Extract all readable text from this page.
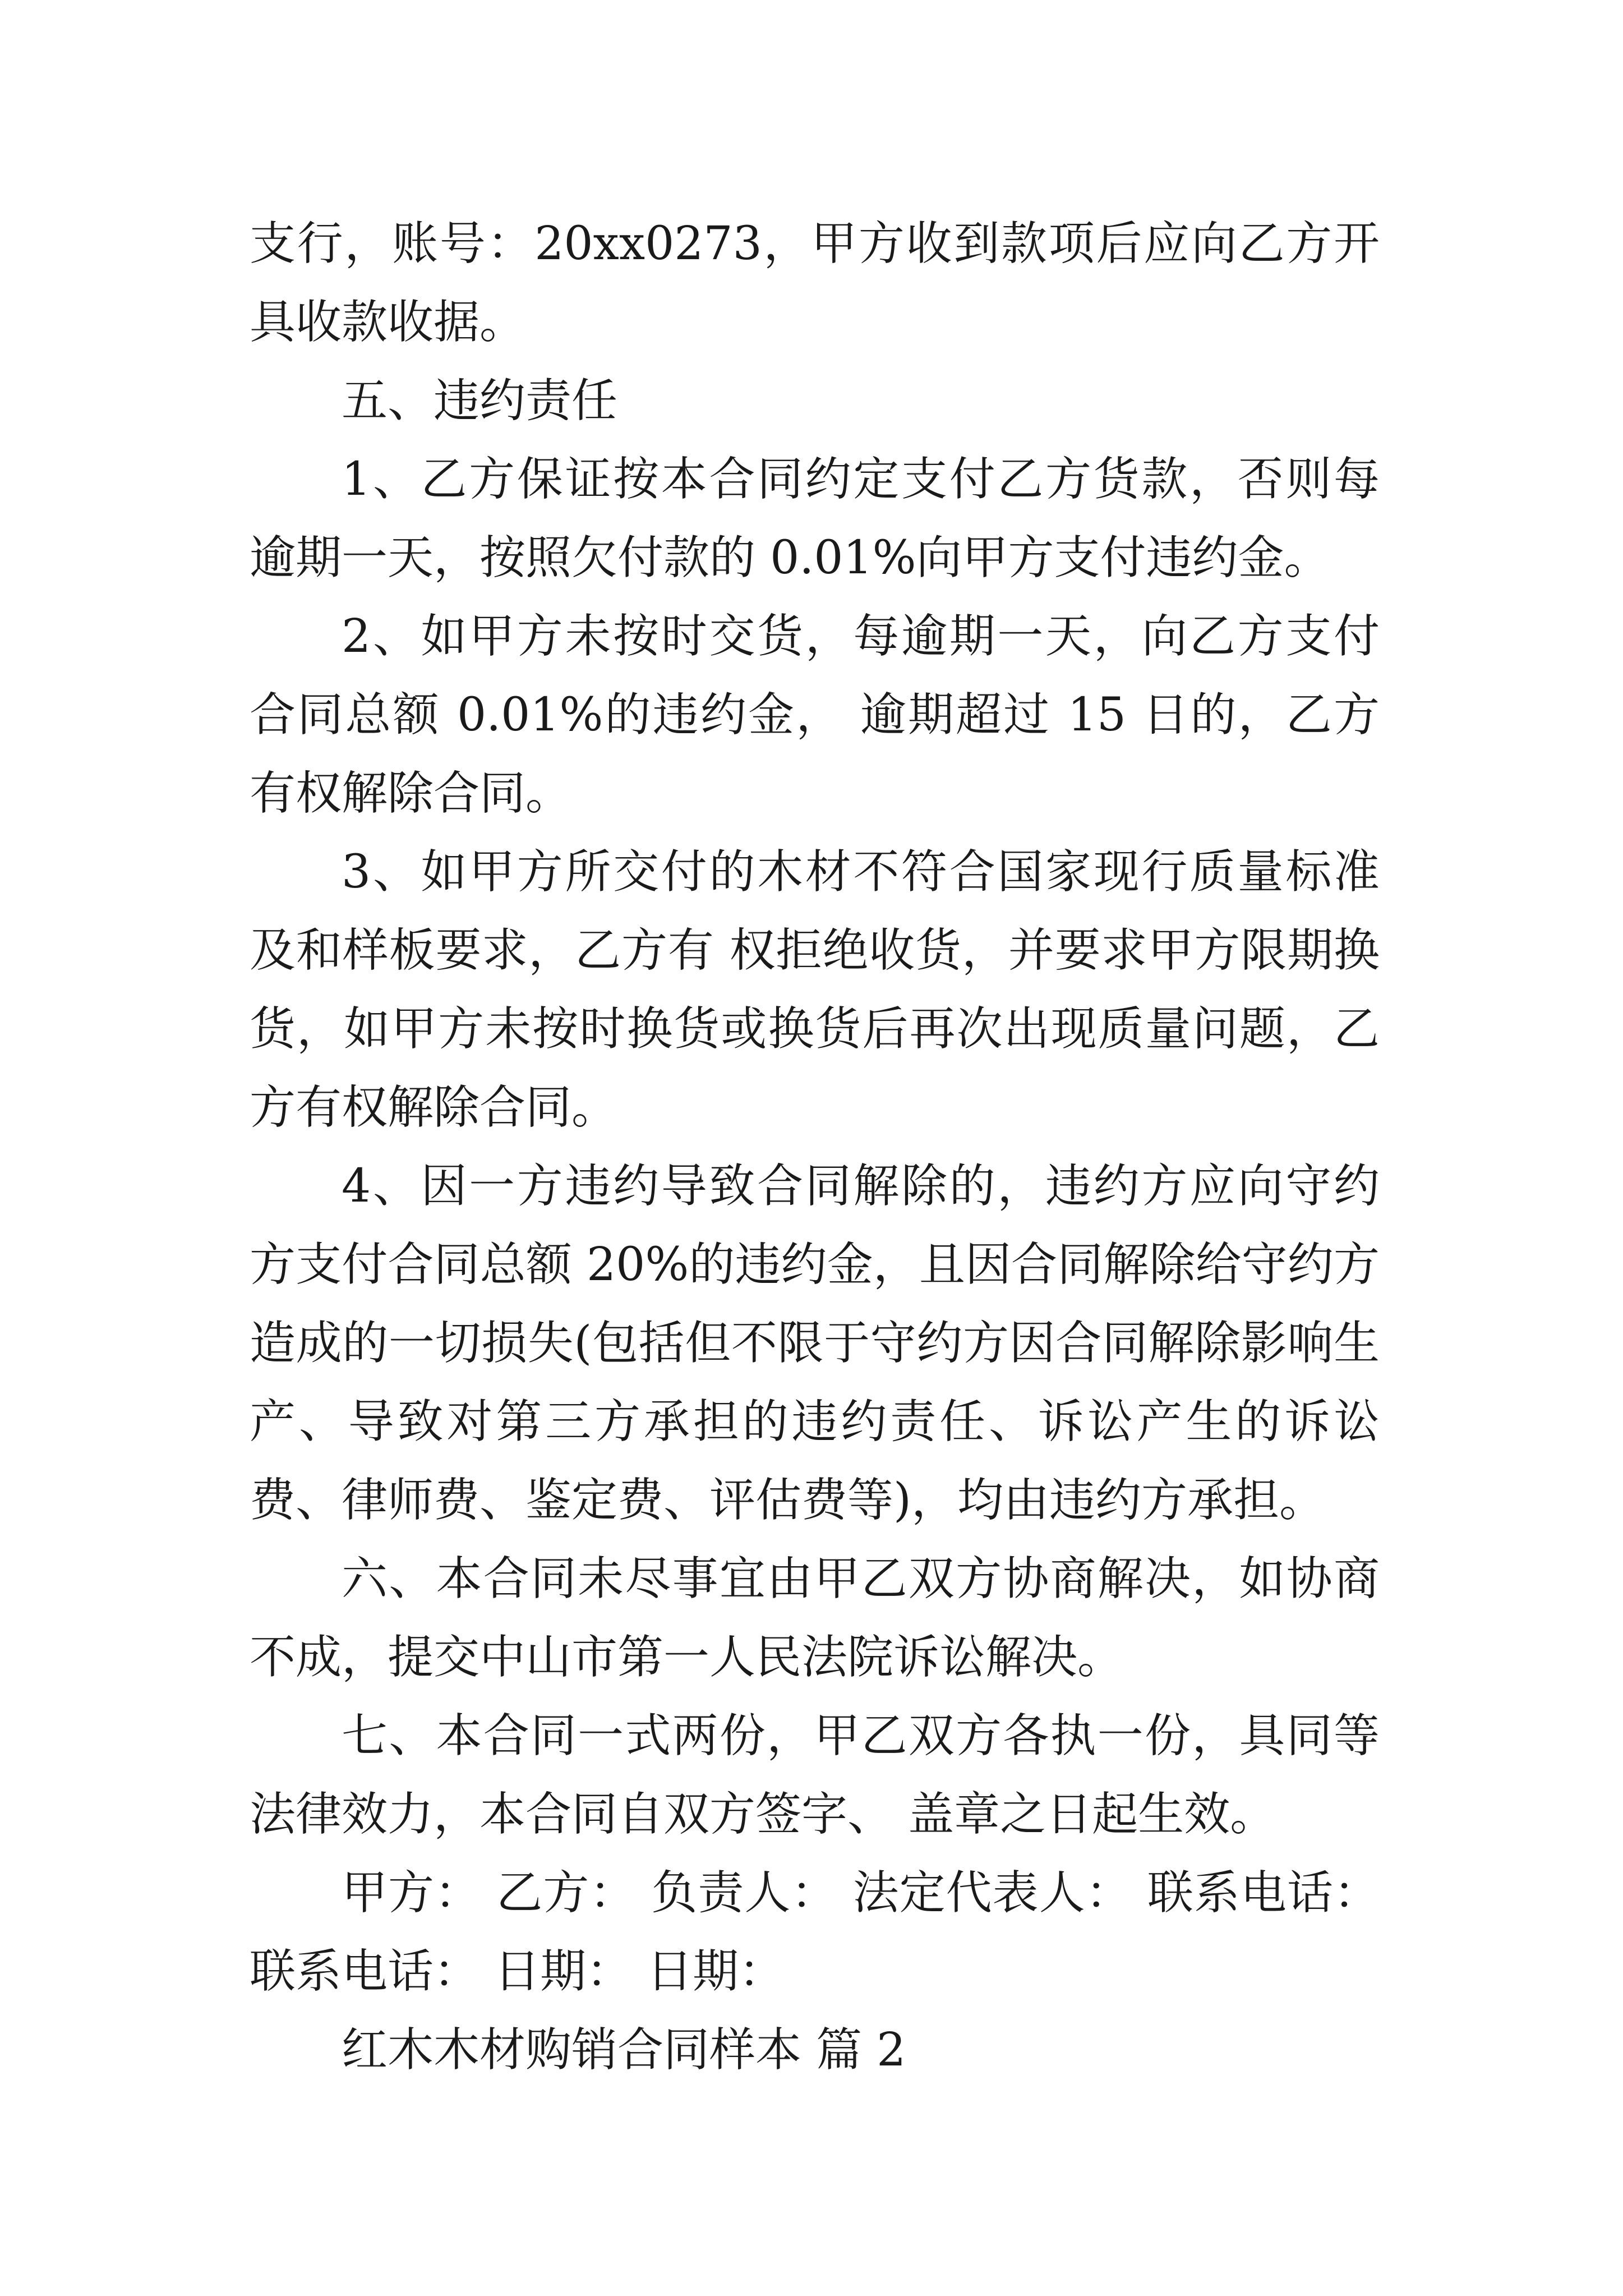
支行，账号：20xx0273，甲方收到款项后应向乙方开具收款收据。

五、违约责任

1、乙方保证按本合同约定支付乙方货款，否则每逾期一天，按照欠付款的 0.01%向甲方支付违约金。

2、如甲方未按时交货，每逾期一天，向乙方支付合同总额 0.01%的违约金， 逾期超过 15 日的，乙方有权解除合同。

3、如甲方所交付的木材不符合国家现行质量标准及和样板要求，乙方有 权拒绝收货，并要求甲方限期换货，如甲方未按时换货或换货后再次出现质量问题，乙方有权解除合同。

4、因一方违约导致合同解除的，违约方应向守约方支付合同总额 20%的违约金，且因合同解除给守约方造成的一切损失(包括但不限于守约方因合同解除影响生产、导致对第三方承担的违约责任、诉讼产生的诉讼费、律师费、鉴定费、评估费等)，均由违约方承担。

六、本合同未尽事宜由甲乙双方协商解决，如协商不成，提交中山市第一人民法院诉讼解决。

七、本合同一式两份，甲乙双方各执一份，具同等法律效力，本合同自双方签字、 盖章之日起生效。

甲方： 乙方： 负责人： 法定代表人： 联系电话： 联系电话： 日期： 日期：

红木木材购销合同样本 篇 2
